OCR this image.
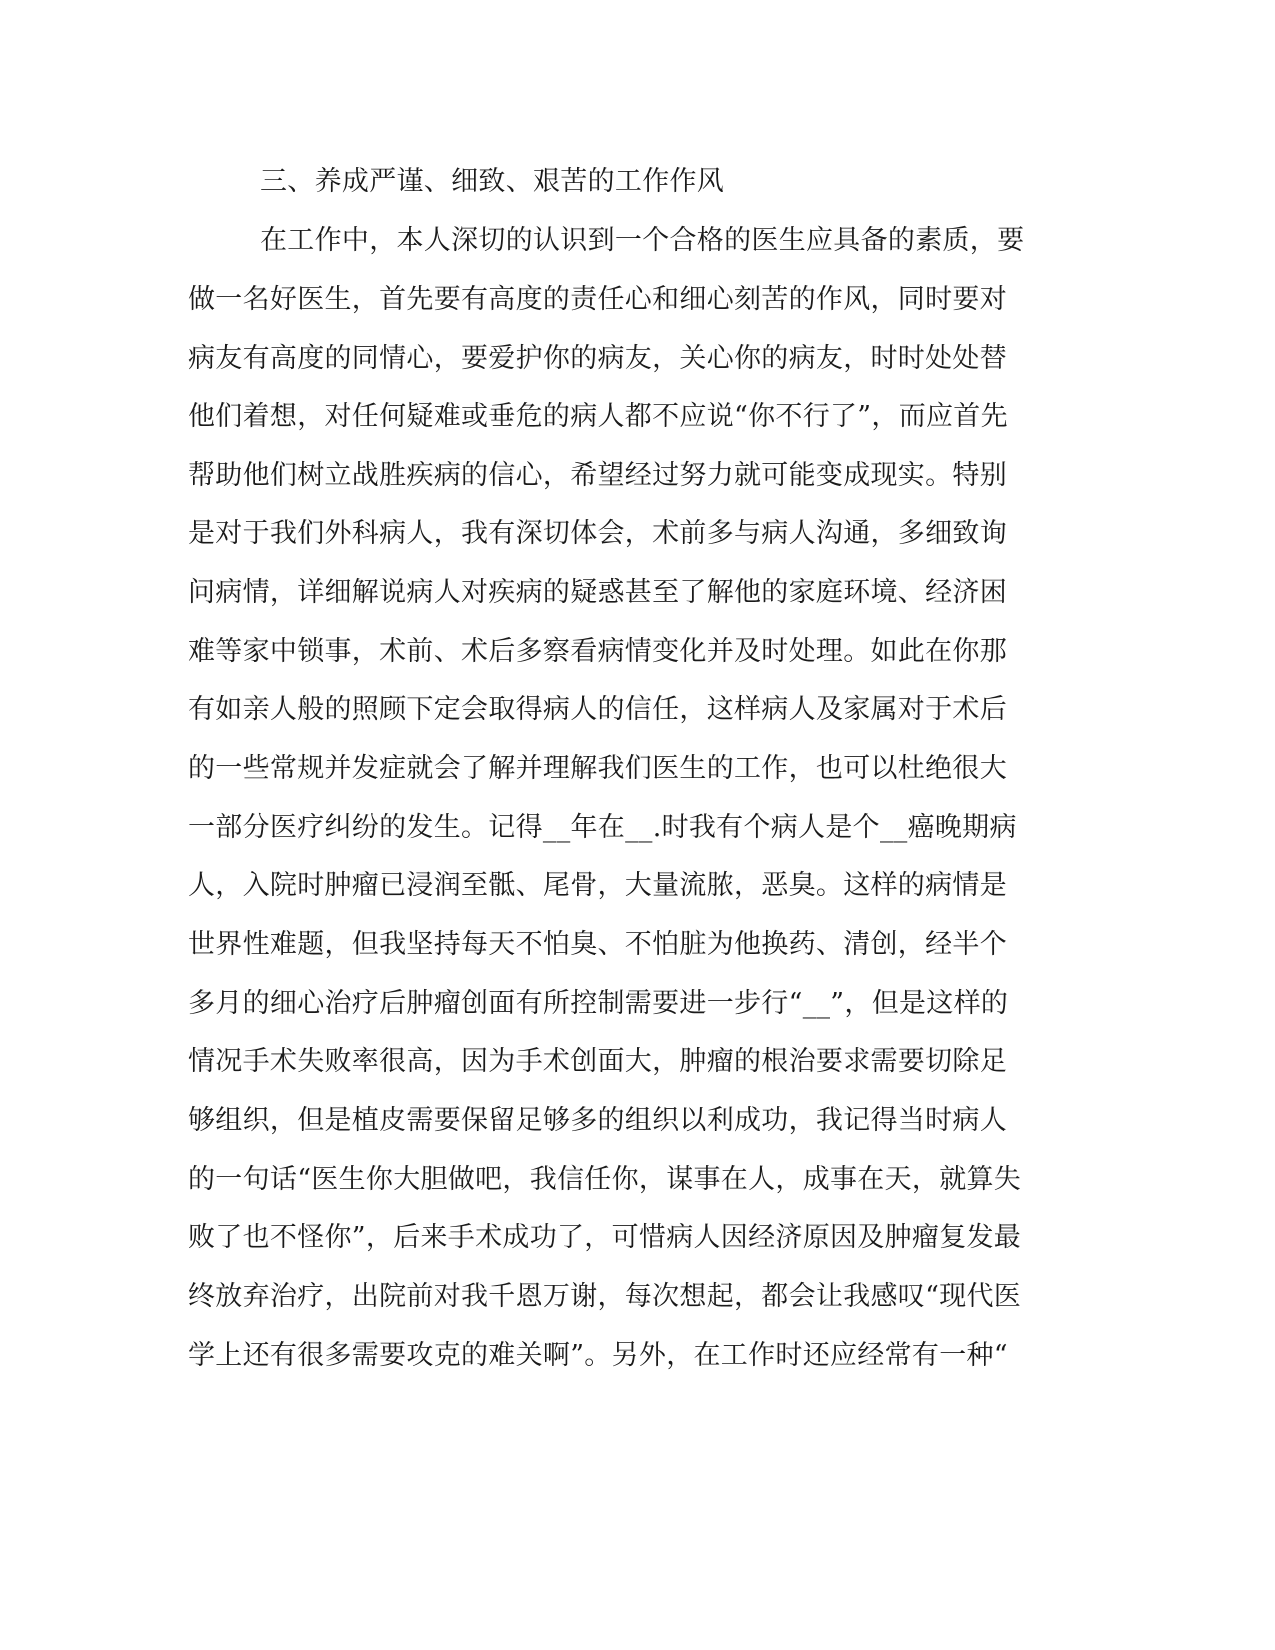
三、养成严谨、细致、艰苦的工作作风
在工作中，本人深切的认识到一个合格的医生应具备的素质，要
做一名好医生，首先要有高度的责任心和细心刻苦的作风，同时要对
病友有高度的同情心，要爱护你的病友，关心你的病友，时时处处替
他们着想，对任何疑难或垂危的病人都不应说“你不行了”，而应首先
帮助他们树立战胜疾病的信心，希望经过努力就可能变成现实。特别
是对于我们外科病人，我有深切体会，术前多与病人沟通，多细致询
问病情，详细解说病人对疾病的疑惑甚至了解他的家庭环境、经济困
难等家中锁事，术前、术后多察看病情变化并及时处理。如此在你那
有如亲人般的照顾下定会取得病人的信任，这样病人及家属对于术后
的一些常规并发症就会了解并理解我们医生的工作，也可以杜绝很大
一部分医疗纠纷的发生。记得__年在__.时我有个病人是个__癌晚期病
人，入院时肿瘤已浸润至骶、尾骨，大量流脓，恶臭。这样的病情是
世界性难题，但我坚持每天不怕臭、不怕脏为他换药、清创，经半个
多月的细心治疗后肿瘤创面有所控制需要进一步行“__”，但是这样的
情况手术失败率很高，因为手术创面大，肿瘤的根治要求需要切除足
够组织，但是植皮需要保留足够多的组织以利成功，我记得当时病人
的一句话“医生你大胆做吧，我信任你，谋事在人，成事在天，就算失
败了也不怪你”，后来手术成功了，可惜病人因经济原因及肿瘤复发最
终放弃治疗，出院前对我千恩万谢，每次想起，都会让我感叹“现代医
学上还有很多需要攻克的难关啊”。另外，在工作时还应经常有一种“
